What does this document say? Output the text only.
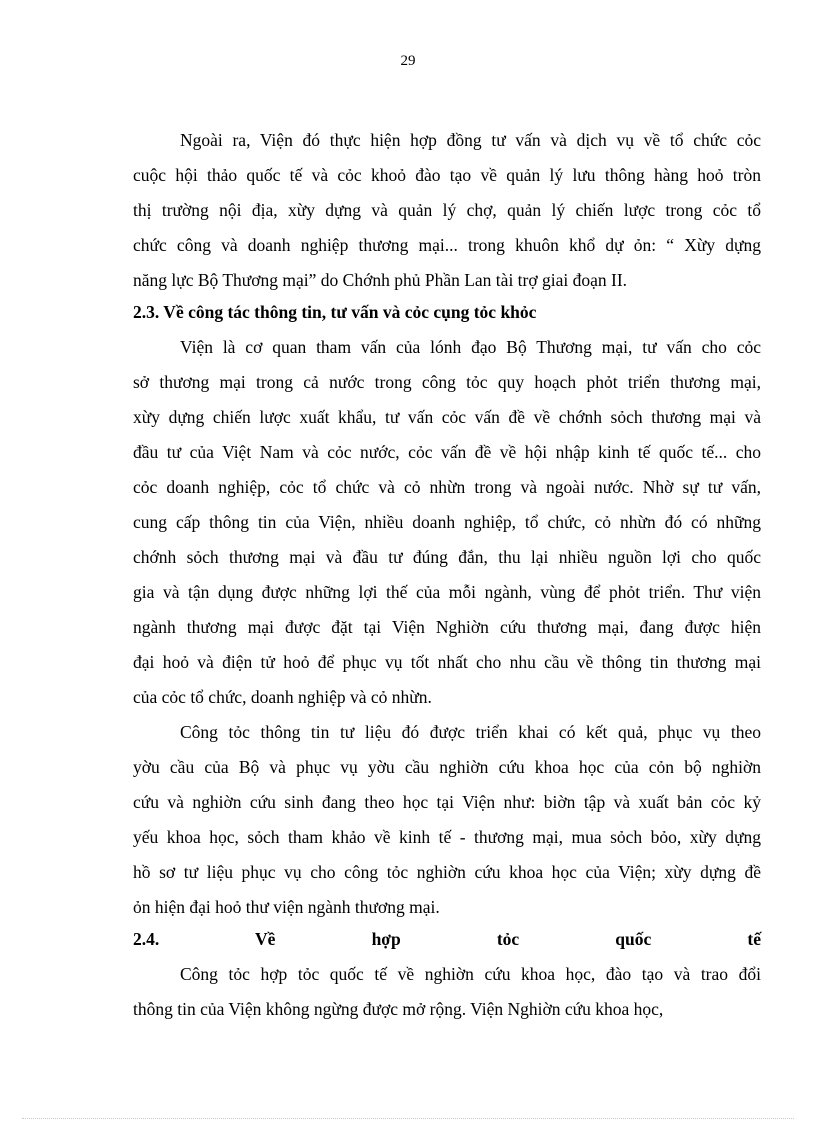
29
Ngoài ra, Viện đó thực hiện hợp đồng tư vấn và dịch vụ về tổ chức cỏc
cuộc hội thảo quốc tế và cỏc khoỏ đào tạo về quản lý lưu thông hàng hoỏ tròn
thị trường nội địa, xừy dựng và quản lý chợ, quản lý chiến lược trong cỏc tổ
chức công và doanh nghiệp thương mại... trong khuôn khổ dự ỏn: “ Xừy dựng
năng lực Bộ Thương mại” do Chớnh phủ Phần Lan tài trợ giai đoạn II.
2.3. Về công tác thông tin, tư vấn và cỏc cụng tỏc khỏc
Viện là cơ quan tham vấn của lónh đạo Bộ Thương mại, tư vấn cho cỏc
sở thương mại trong cả nước trong công tỏc quy hoạch phỏt triển thương mại,
xừy dựng chiến lược xuất khẩu, tư vấn cỏc vấn đề về chớnh sỏch thương mại và
đầu tư của Việt Nam và cỏc nước, cỏc vấn đề về hội nhập kinh tế quốc tế... cho
cỏc doanh nghiệp, cỏc tổ chức và cỏ nhừn trong và ngoài nước. Nhờ sự tư vấn,
cung cấp thông tin của Viện, nhiều doanh nghiệp, tổ chức, cỏ nhừn đó có những
chớnh sỏch thương mại và đầu tư đúng đắn, thu lại nhiều nguồn lợi cho quốc
gia và tận dụng được những lợi thế của mỗi ngành, vùng để phỏt triển. Thư viện
ngành thương mại được đặt tại Viện Nghiờn cứu thương mại, đang được hiện
đại hoỏ và điện tử hoỏ để phục vụ tốt nhất cho nhu cầu về thông tin thương mại
của cỏc tổ chức, doanh nghiệp và cỏ nhừn.
Công tỏc thông tin tư liệu đó được triển khai có kết quả, phục vụ theo
yờu cầu của Bộ và phục vụ yờu cầu nghiờn cứu khoa học của cỏn bộ nghiờn
cứu và nghiờn cứu sinh đang theo học tại Viện như: biờn tập và xuất bản cỏc kỷ
yếu khoa học, sỏch tham khảo về kinh tế - thương mại, mua sỏch bỏo, xừy dựng
hồ sơ tư liệu phục vụ cho công tỏc nghiờn cứu khoa học của Viện; xừy dựng đề
ỏn hiện đại hoỏ thư viện ngành thương mại.
2.4. Về hợp tỏc quốc tế
Công tỏc hợp tỏc quốc tế về nghiờn cứu khoa học, đào tạo và trao đổi
thông tin của Viện không ngừng được mở rộng. Viện Nghiờn cứu khoa học,
